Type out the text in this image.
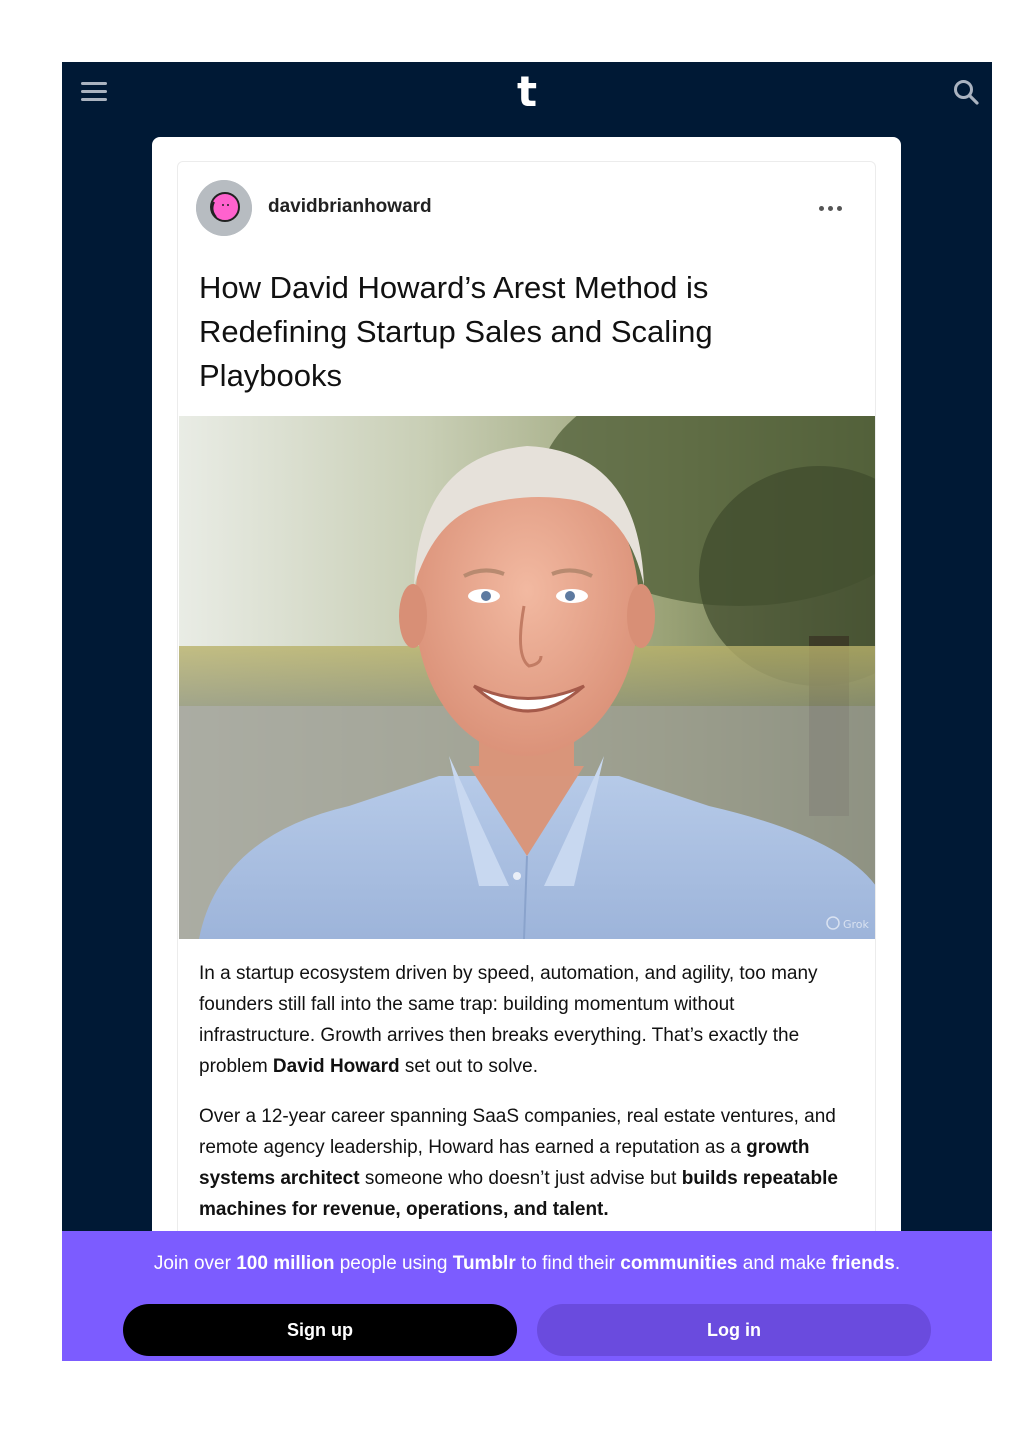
t
davidbrianhoward
How David Howard’s Arest Method is Redefining Startup Sales and Scaling Playbooks
Grok

In a startup ecosystem driven by speed, automation, and agility, too many founders still fall into the same trap: building momentum without infrastructure. Growth arrives then breaks everything. That’s exactly the problem David Howard set out to solve.

Over a 12-year career spanning SaaS companies, real estate ventures, and remote agency leadership, Howard has earned a reputation as a growth systems architect someone who doesn’t just advise but builds repeatable machines for revenue, operations, and talent.

Join over 100 million people using Tumblr to find their communities and make friends.
Sign up	Log in
